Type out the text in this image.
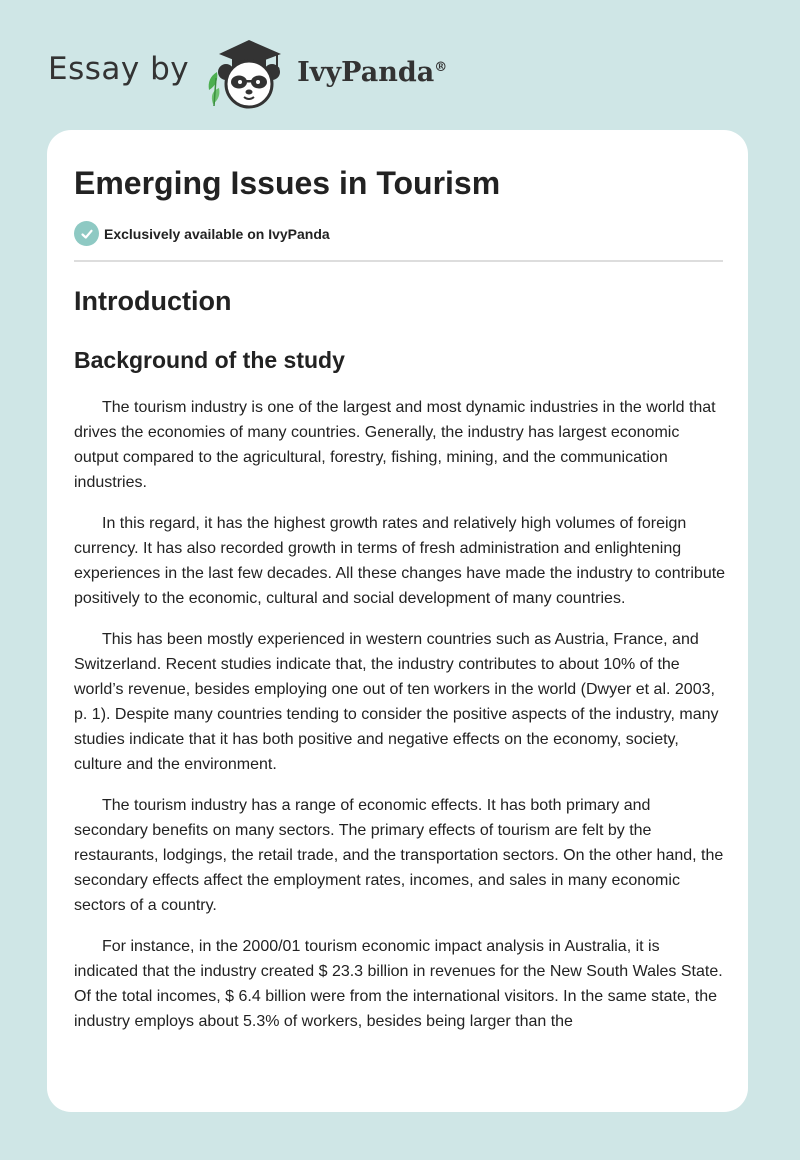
Essay by	IvyPanda®
Emerging Issues in Tourism
Exclusively available on IvyPanda
Introduction
Background of the study

The tourism industry is one of the largest and most dynamic industries in the world that drives the economies of many countries. Generally, the industry has largest economic output compared to the agricultural, forestry, fishing, mining, and the communication industries.

In this regard, it has the highest growth rates and relatively high volumes of foreign currency. It has also recorded growth in terms of fresh administration and enlightening experiences in the last few decades. All these changes have made the industry to contribute positively to the economic, cultural and social development of many countries.

This has been mostly experienced in western countries such as Austria, France, and Switzerland. Recent studies indicate that, the industry contributes to about 10% of the world’s revenue, besides employing one out of ten workers in the world (Dwyer et al. 2003, p. 1). Despite many countries tending to consider the positive aspects of the industry, many studies indicate that it has both positive and negative effects on the economy, society, culture and the environment.

The tourism industry has a range of economic effects. It has both primary and secondary benefits on many sectors. The primary effects of tourism are felt by the restaurants, lodgings, the retail trade, and the transportation sectors. On the other hand, the secondary effects affect the employment rates, incomes, and sales in many economic sectors of a country.

For instance, in the 2000/01 tourism economic impact analysis in Australia, it is indicated that the industry created $ 23.3 billion in revenues for the New South Wales State. Of the total incomes, $ 6.4 billion were from the international visitors. In the same state, the industry employs about 5.3% of workers, besides being larger than the
